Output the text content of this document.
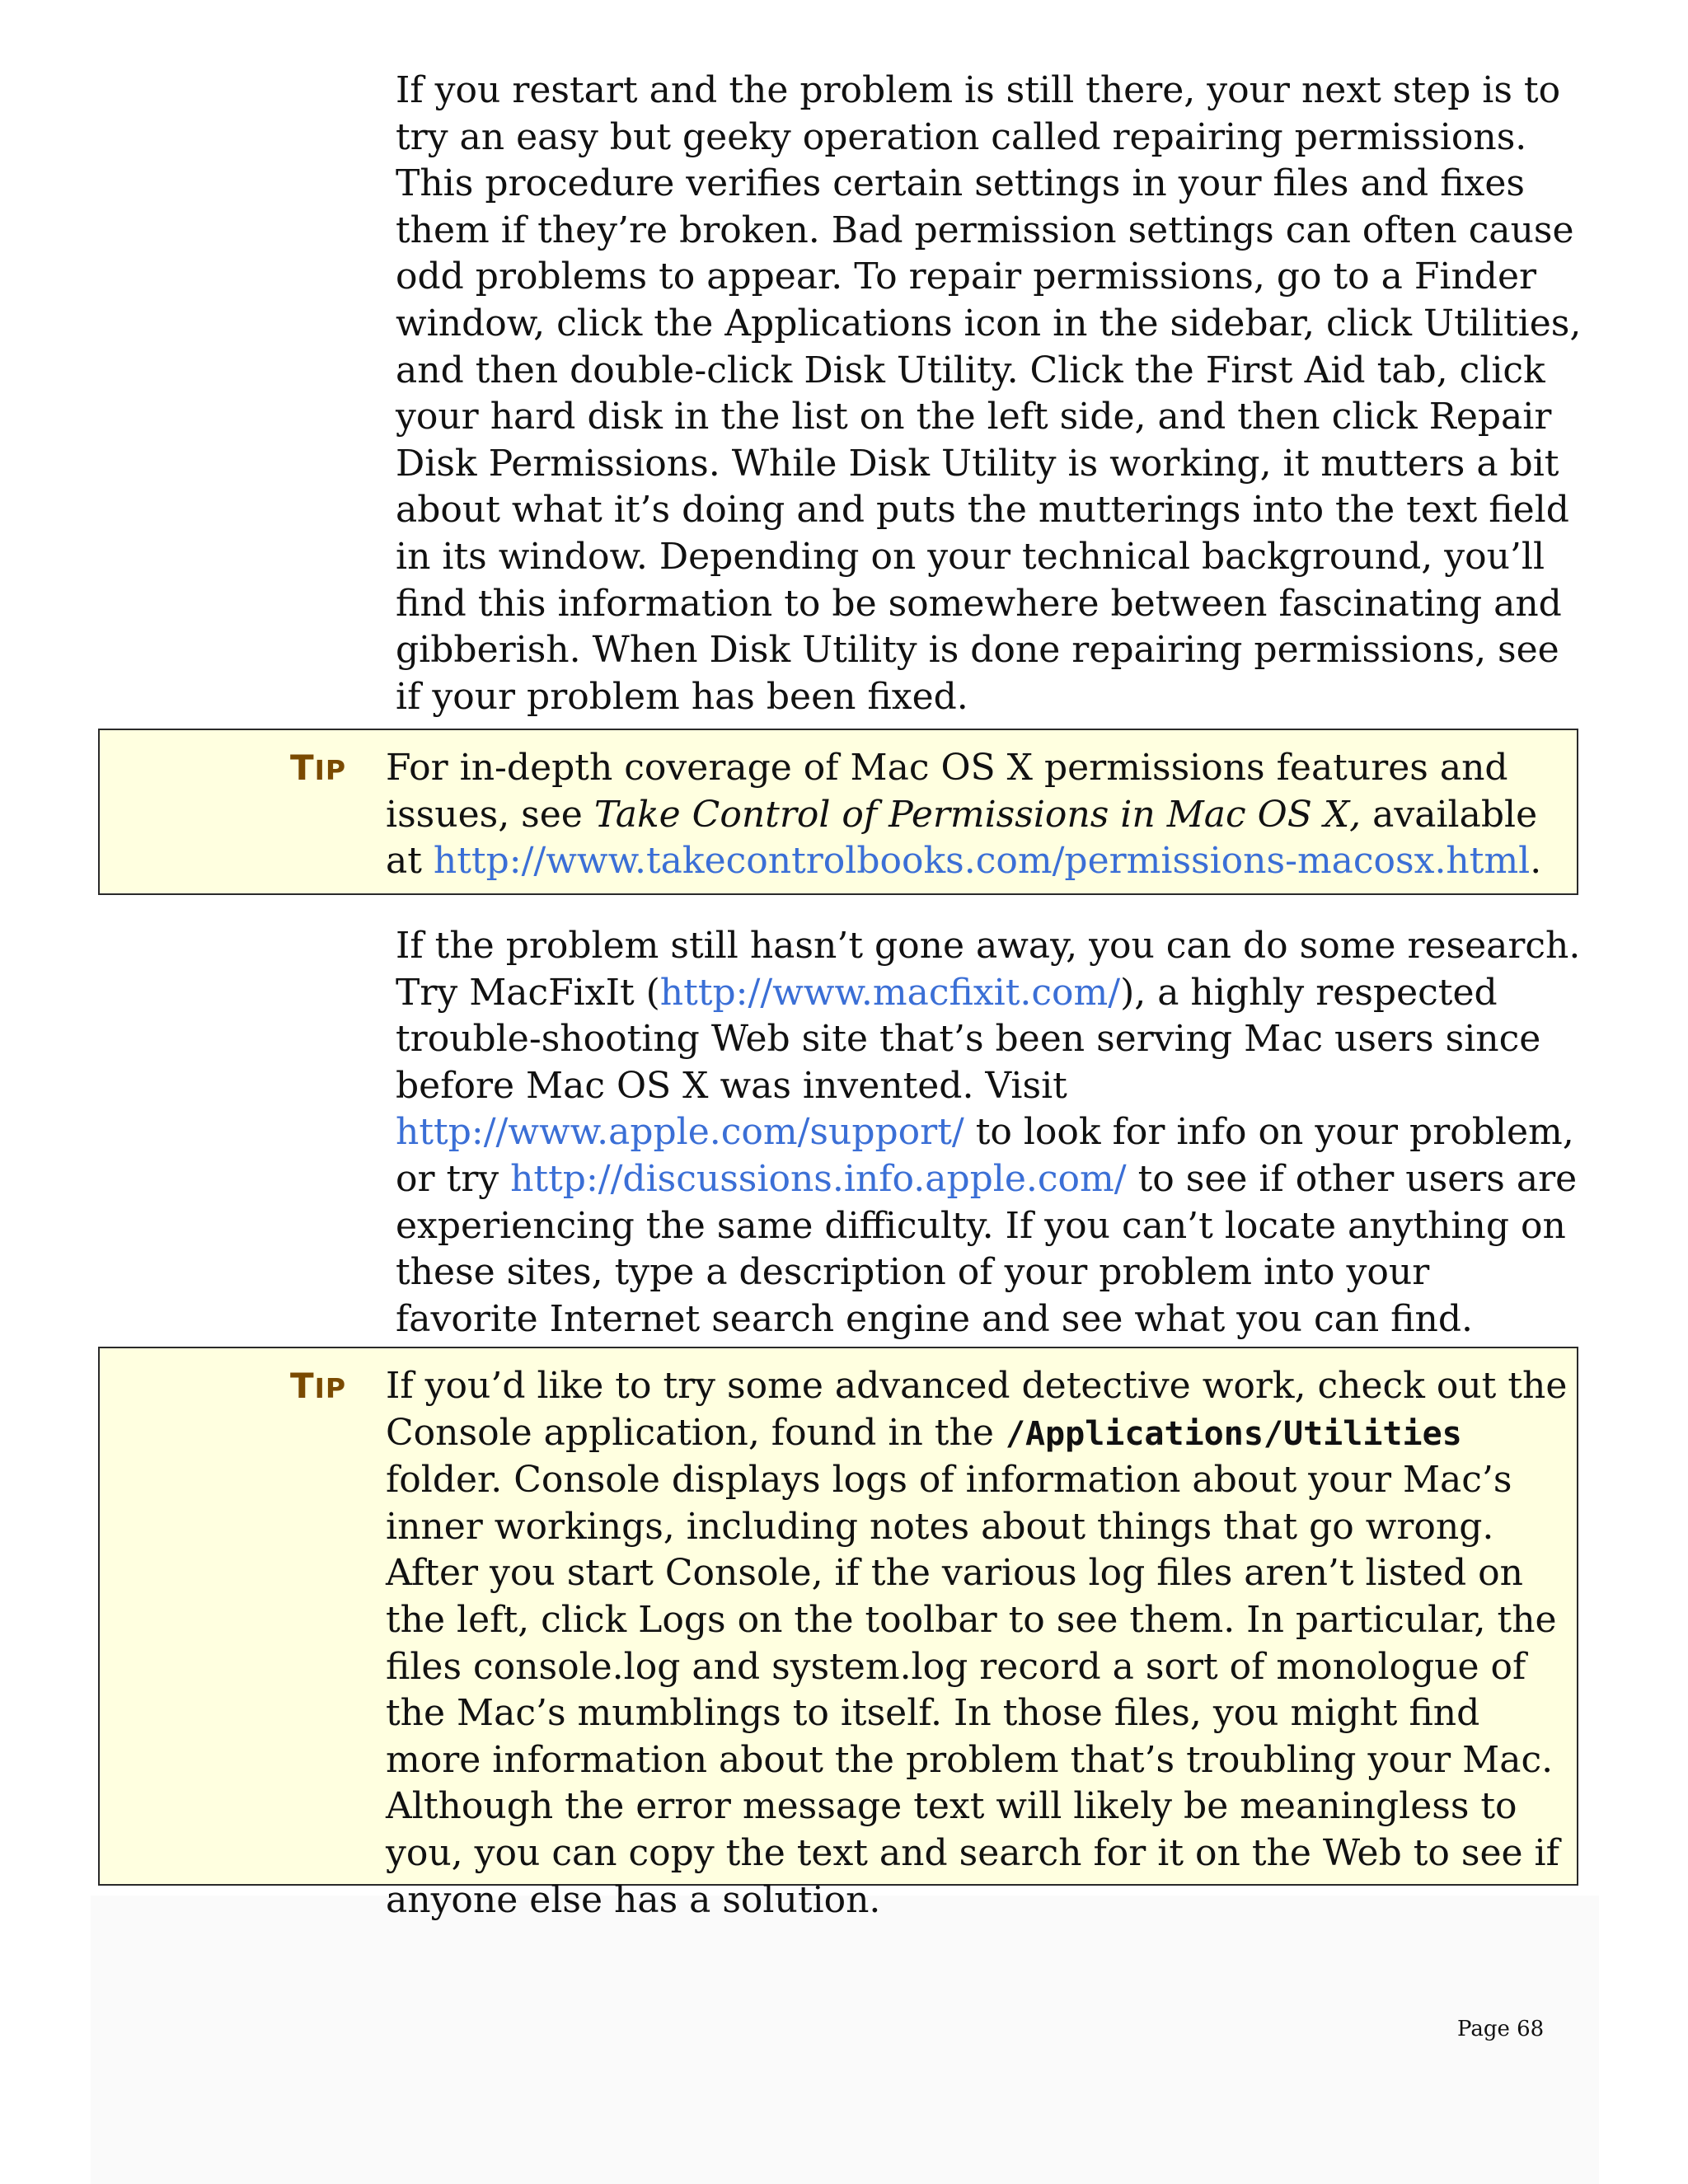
If you restart and the problem is still there, your next step is to try an easy but geeky operation called repairing permissions. This procedure verifies certain settings in your files and fixes them if they’re broken. Bad permission settings can often cause odd problems to appear. To repair permissions, go to a Finder window, click the Applications icon in the sidebar, click Utilities, and then double-click Disk Utility. Click the First Aid tab, click your hard disk in the list on the left side, and then click Repair Disk Permissions. While Disk Utility is working, it mutters a bit about what it’s doing and puts the mutterings into the text field in its window. Depending on your technical background, you’ll find this information to be somewhere between fascinating and gibberish. When Disk Utility is done repairing permissions, see if your problem has been fixed.

TIP For in-depth coverage of Mac OS X permissions features and issues, see Take Control of Permissions in Mac OS X, available at http://www.takecontrolbooks.com/permissions-macosx.html.

If the problem still hasn’t gone away, you can do some research. Try MacFixIt (http://www.macfixit.com/), a highly respected trouble-shooting Web site that’s been serving Mac users since before Mac OS X was invented. Visit http://www.apple.com/support/ to look for info on your problem, or try http://discussions.info.apple.com/ to see if other users are experiencing the same difficulty. If you can’t locate anything on these sites, type a description of your problem into your favorite Internet search engine and see what you can find.

TIP If you’d like to try some advanced detective work, check out the Console application, found in the /Applications/Utilities folder. Console displays logs of information about your Mac’s inner workings, including notes about things that go wrong. After you start Console, if the various log files aren’t listed on the left, click Logs on the toolbar to see them. In particular, the files console.log and system.log record a sort of monologue of the Mac’s mumblings to itself. In those files, you might find more information about the problem that’s troubling your Mac. Although the error message text will likely be meaningless to you, you can copy the text and search for it on the Web to see if anyone else has a solution.

Page 68
